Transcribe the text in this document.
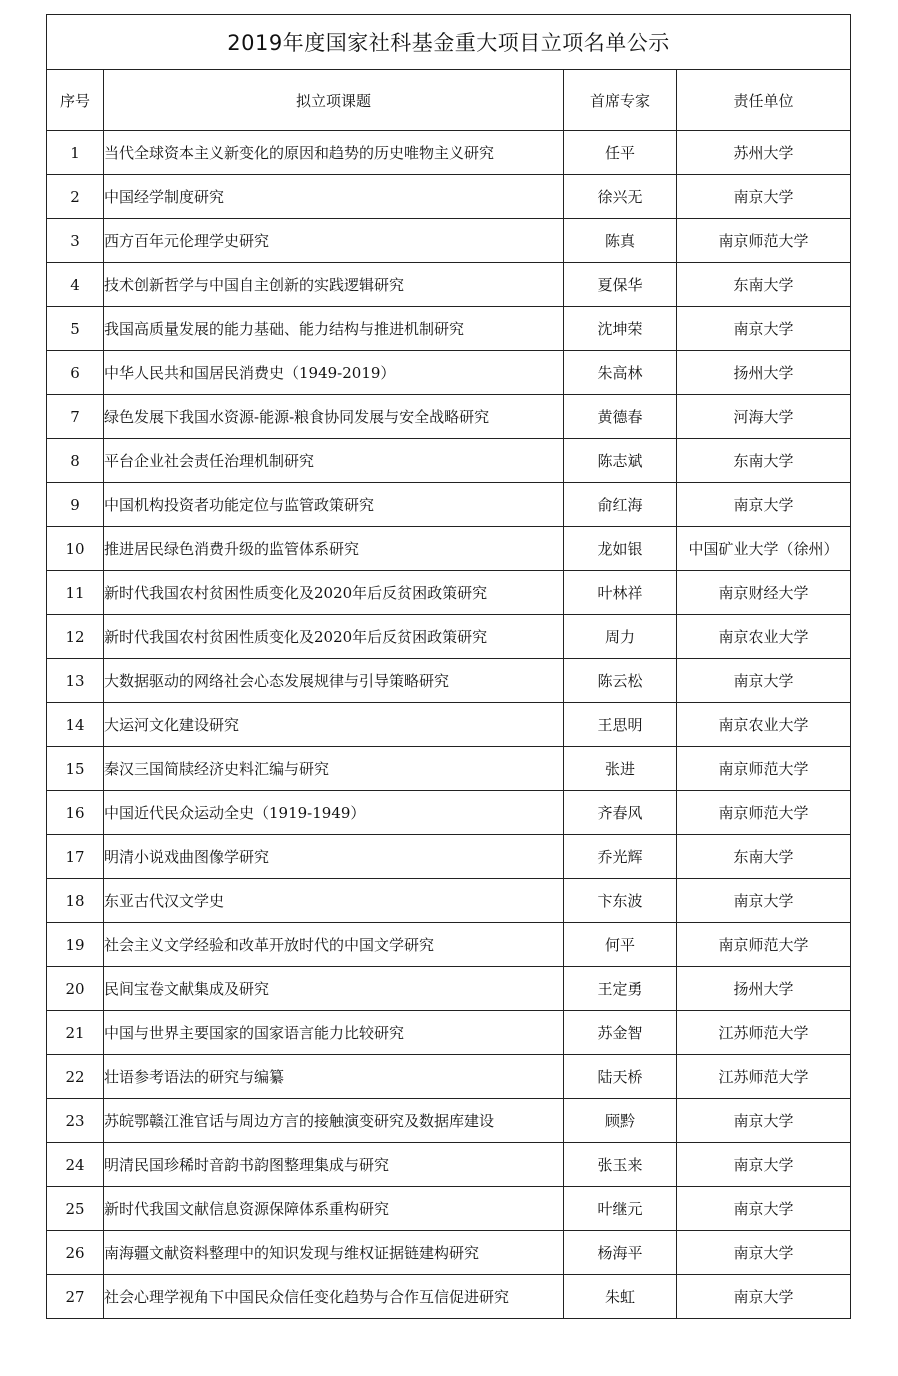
2019年度国家社科基金重大项目立项名单公示			
序号	拟立项课题	首席专家	责任单位
1	当代全球资本主义新变化的原因和趋势的历史唯物主义研究	任平	苏州大学
2	中国经学制度研究	徐兴无	南京大学
3	西方百年元伦理学史研究	陈真	南京师范大学
4	技术创新哲学与中国自主创新的实践逻辑研究	夏保华	东南大学
5	我国高质量发展的能力基础、能力结构与推进机制研究	沈坤荣	南京大学
6	中华人民共和国居民消费史（1949-2019）	朱高林	扬州大学
7	绿色发展下我国水资源-能源-粮食协同发展与安全战略研究	黄德春	河海大学
8	平台企业社会责任治理机制研究	陈志斌	东南大学
9	中国机构投资者功能定位与监管政策研究	俞红海	南京大学
10	推进居民绿色消费升级的监管体系研究	龙如银	中国矿业大学（徐州）
11	新时代我国农村贫困性质变化及2020年后反贫困政策研究	叶林祥	南京财经大学
12	新时代我国农村贫困性质变化及2020年后反贫困政策研究	周力	南京农业大学
13	大数据驱动的网络社会心态发展规律与引导策略研究	陈云松	南京大学
14	大运河文化建设研究	王思明	南京农业大学
15	秦汉三国简牍经济史料汇编与研究	张进	南京师范大学
16	中国近代民众运动全史（1919-1949）	齐春风	南京师范大学
17	明清小说戏曲图像学研究	乔光辉	东南大学
18	东亚古代汉文学史	卞东波	南京大学
19	社会主义文学经验和改革开放时代的中国文学研究	何平	南京师范大学
20	民间宝卷文献集成及研究	王定勇	扬州大学
21	中国与世界主要国家的国家语言能力比较研究	苏金智	江苏师范大学
22	壮语参考语法的研究与编纂	陆天桥	江苏师范大学
23	苏皖鄂赣江淮官话与周边方言的接触演变研究及数据库建设	顾黔	南京大学
24	明清民国珍稀时音韵书韵图整理集成与研究	张玉来	南京大学
25	新时代我国文献信息资源保障体系重构研究	叶继元	南京大学
26	南海疆文献资料整理中的知识发现与维权证据链建构研究	杨海平	南京大学
27	社会心理学视角下中国民众信任变化趋势与合作互信促进研究	朱虹	南京大学
